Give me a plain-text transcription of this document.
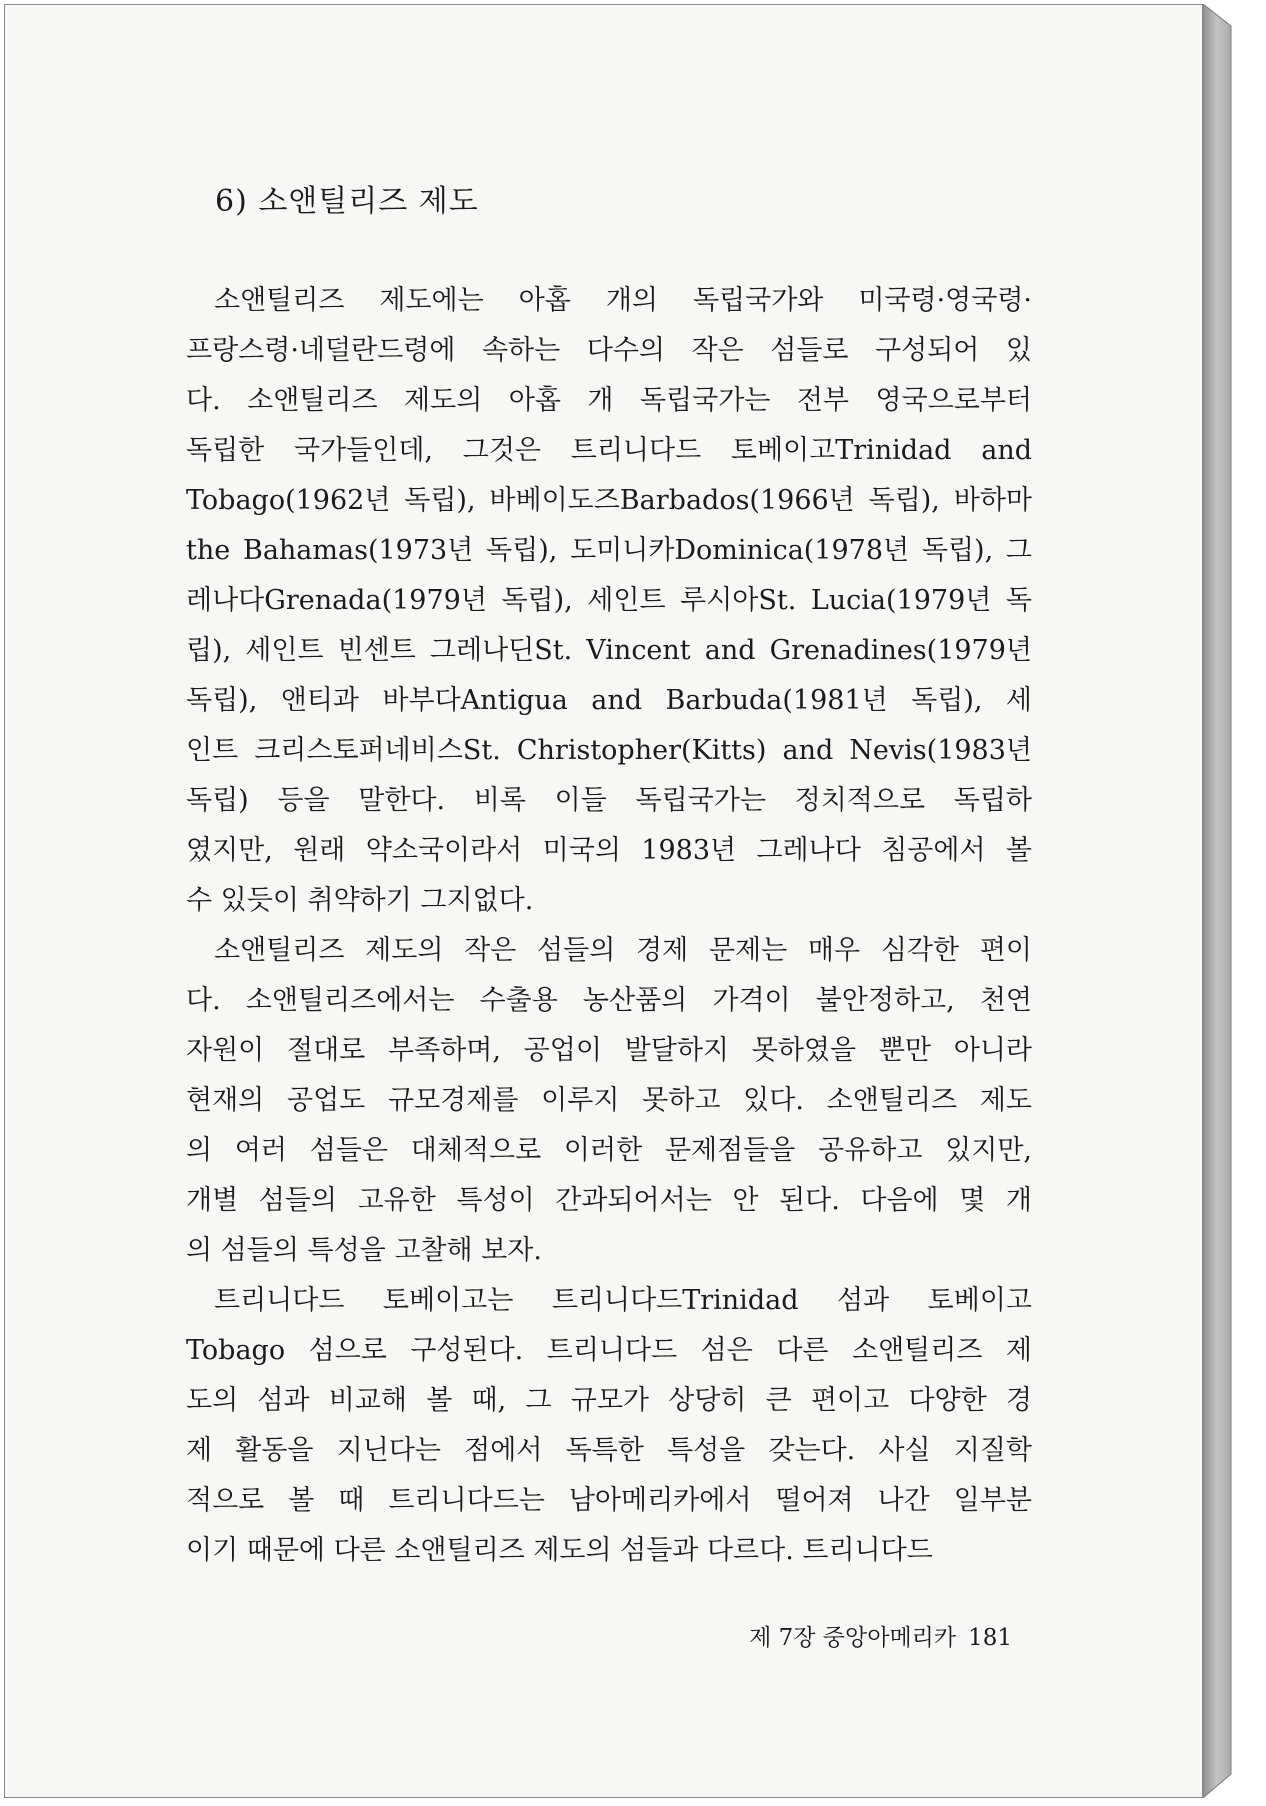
6) 소앤틸리즈 제도
소앤틸리즈 제도에는 아홉 개의 독립국가와 미국령·영국령·
프랑스령·네덜란드령에 속하는 다수의 작은 섬들로 구성되어 있
다. 소앤틸리즈 제도의 아홉 개 독립국가는 전부 영국으로부터
독립한 국가들인데, 그것은 트리니다드 토베이고Trinidad and
Tobago(1962년 독립), 바베이도즈Barbados(1966년 독립), 바하마
the Bahamas(1973년 독립), 도미니카Dominica(1978년 독립), 그
레나다Grenada(1979년 독립), 세인트 루시아St. Lucia(1979년 독
립), 세인트 빈센트 그레나딘St. Vincent and Grenadines(1979년
독립), 앤티과 바부다Antigua and Barbuda(1981년 독립), 세
인트 크리스토퍼네비스St. Christopher(Kitts) and Nevis(1983년
독립) 등을 말한다. 비록 이들 독립국가는 정치적으로 독립하
였지만, 원래 약소국이라서 미국의 1983년 그레나다 침공에서 볼
수 있듯이 취약하기 그지없다.
소앤틸리즈 제도의 작은 섬들의 경제 문제는 매우 심각한 편이
다. 소앤틸리즈에서는 수출용 농산품의 가격이 불안정하고, 천연
자원이 절대로 부족하며, 공업이 발달하지 못하였을 뿐만 아니라
현재의 공업도 규모경제를 이루지 못하고 있다. 소앤틸리즈 제도
의 여러 섬들은 대체적으로 이러한 문제점들을 공유하고 있지만,
개별 섬들의 고유한 특성이 간과되어서는 안 된다. 다음에 몇 개
의 섬들의 특성을 고찰해 보자.
트리니다드 토베이고는 트리니다드Trinidad 섬과 토베이고
Tobago 섬으로 구성된다. 트리니다드 섬은 다른 소앤틸리즈 제
도의 섬과 비교해 볼 때, 그 규모가 상당히 큰 편이고 다양한 경
제 활동을 지닌다는 점에서 독특한 특성을 갖는다. 사실 지질학
적으로 볼 때 트리니다드는 남아메리카에서 떨어져 나간 일부분
이기 때문에 다른 소앤틸리즈 제도의 섬들과 다르다. 트리니다드
제 7장 중앙아메리카 181
